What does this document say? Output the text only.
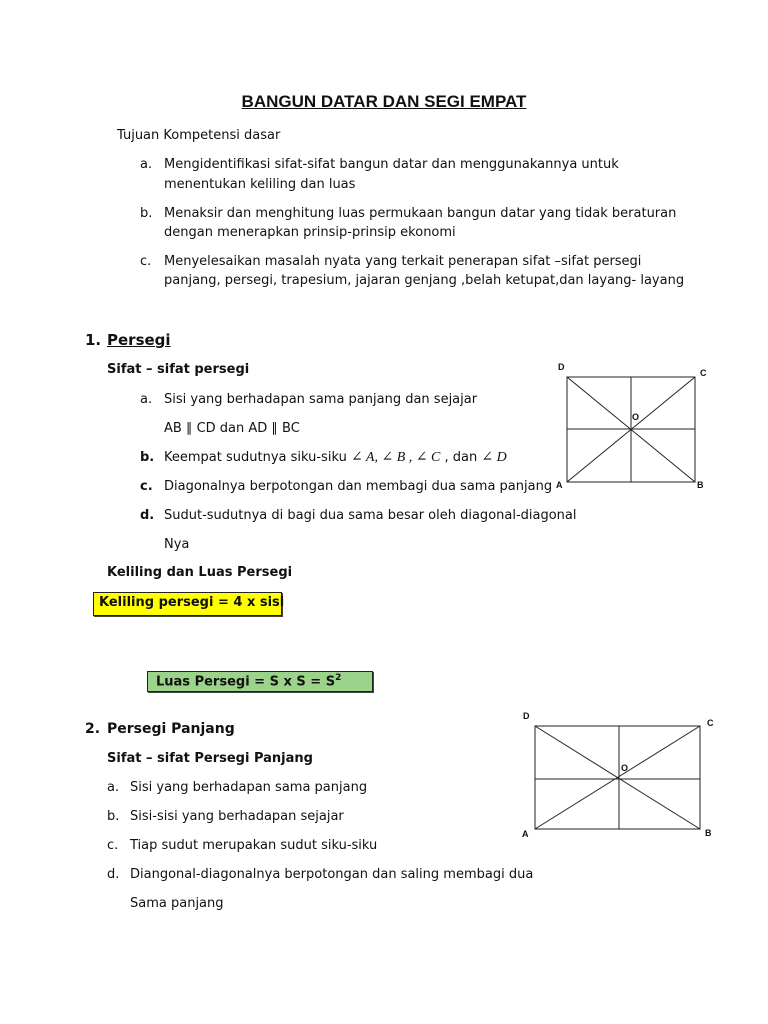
BANGUN DATAR DAN SEGI EMPAT
Tujuan Kompetensi dasar
a. Mengidentifikasi sifat-sifat bangun datar dan menggunakannya untuk
menentukan keliling dan luas
b. Menaksir dan menghitung luas permukaan bangun datar yang tidak beraturan
dengan menerapkan prinsip-prinsip ekonomi
c. Menyelesaikan masalah nyata yang terkait penerapan sifat –sifat persegi
panjang, persegi, trapesium, jajaran genjang ,belah ketupat,dan layang- layang
1. Persegi
Sifat – sifat persegi
a. Sisi yang berhadapan sama panjang dan sejajar
AB ∥ CD dan AD ∥ BC
b. Keempat sudutnya siku-siku ∠ A, ∠ B , ∠ C , dan ∠ D
c. Diagonalnya berpotongan dan membagi dua sama panjang
d. Sudut-sudutnya di bagi dua sama besar oleh diagonal-diagonal
Nya
Keliling dan Luas Persegi
Keliling persegi = 4 x sisi
Luas Persegi = S x $S = S^2$
D
C
A	B
O
2. Persegi Panjang
Sifat – sifat Persegi Panjang
a. Sisi yang berhadapan sama panjang
b. Sisi-sisi yang berhadapan sejajar
c. Tiap sudut merupakan sudut siku-siku
d. Diangonal-diagonalnya berpotongan dan saling membagi dua
Sama panjang
D
C
A	B
O
